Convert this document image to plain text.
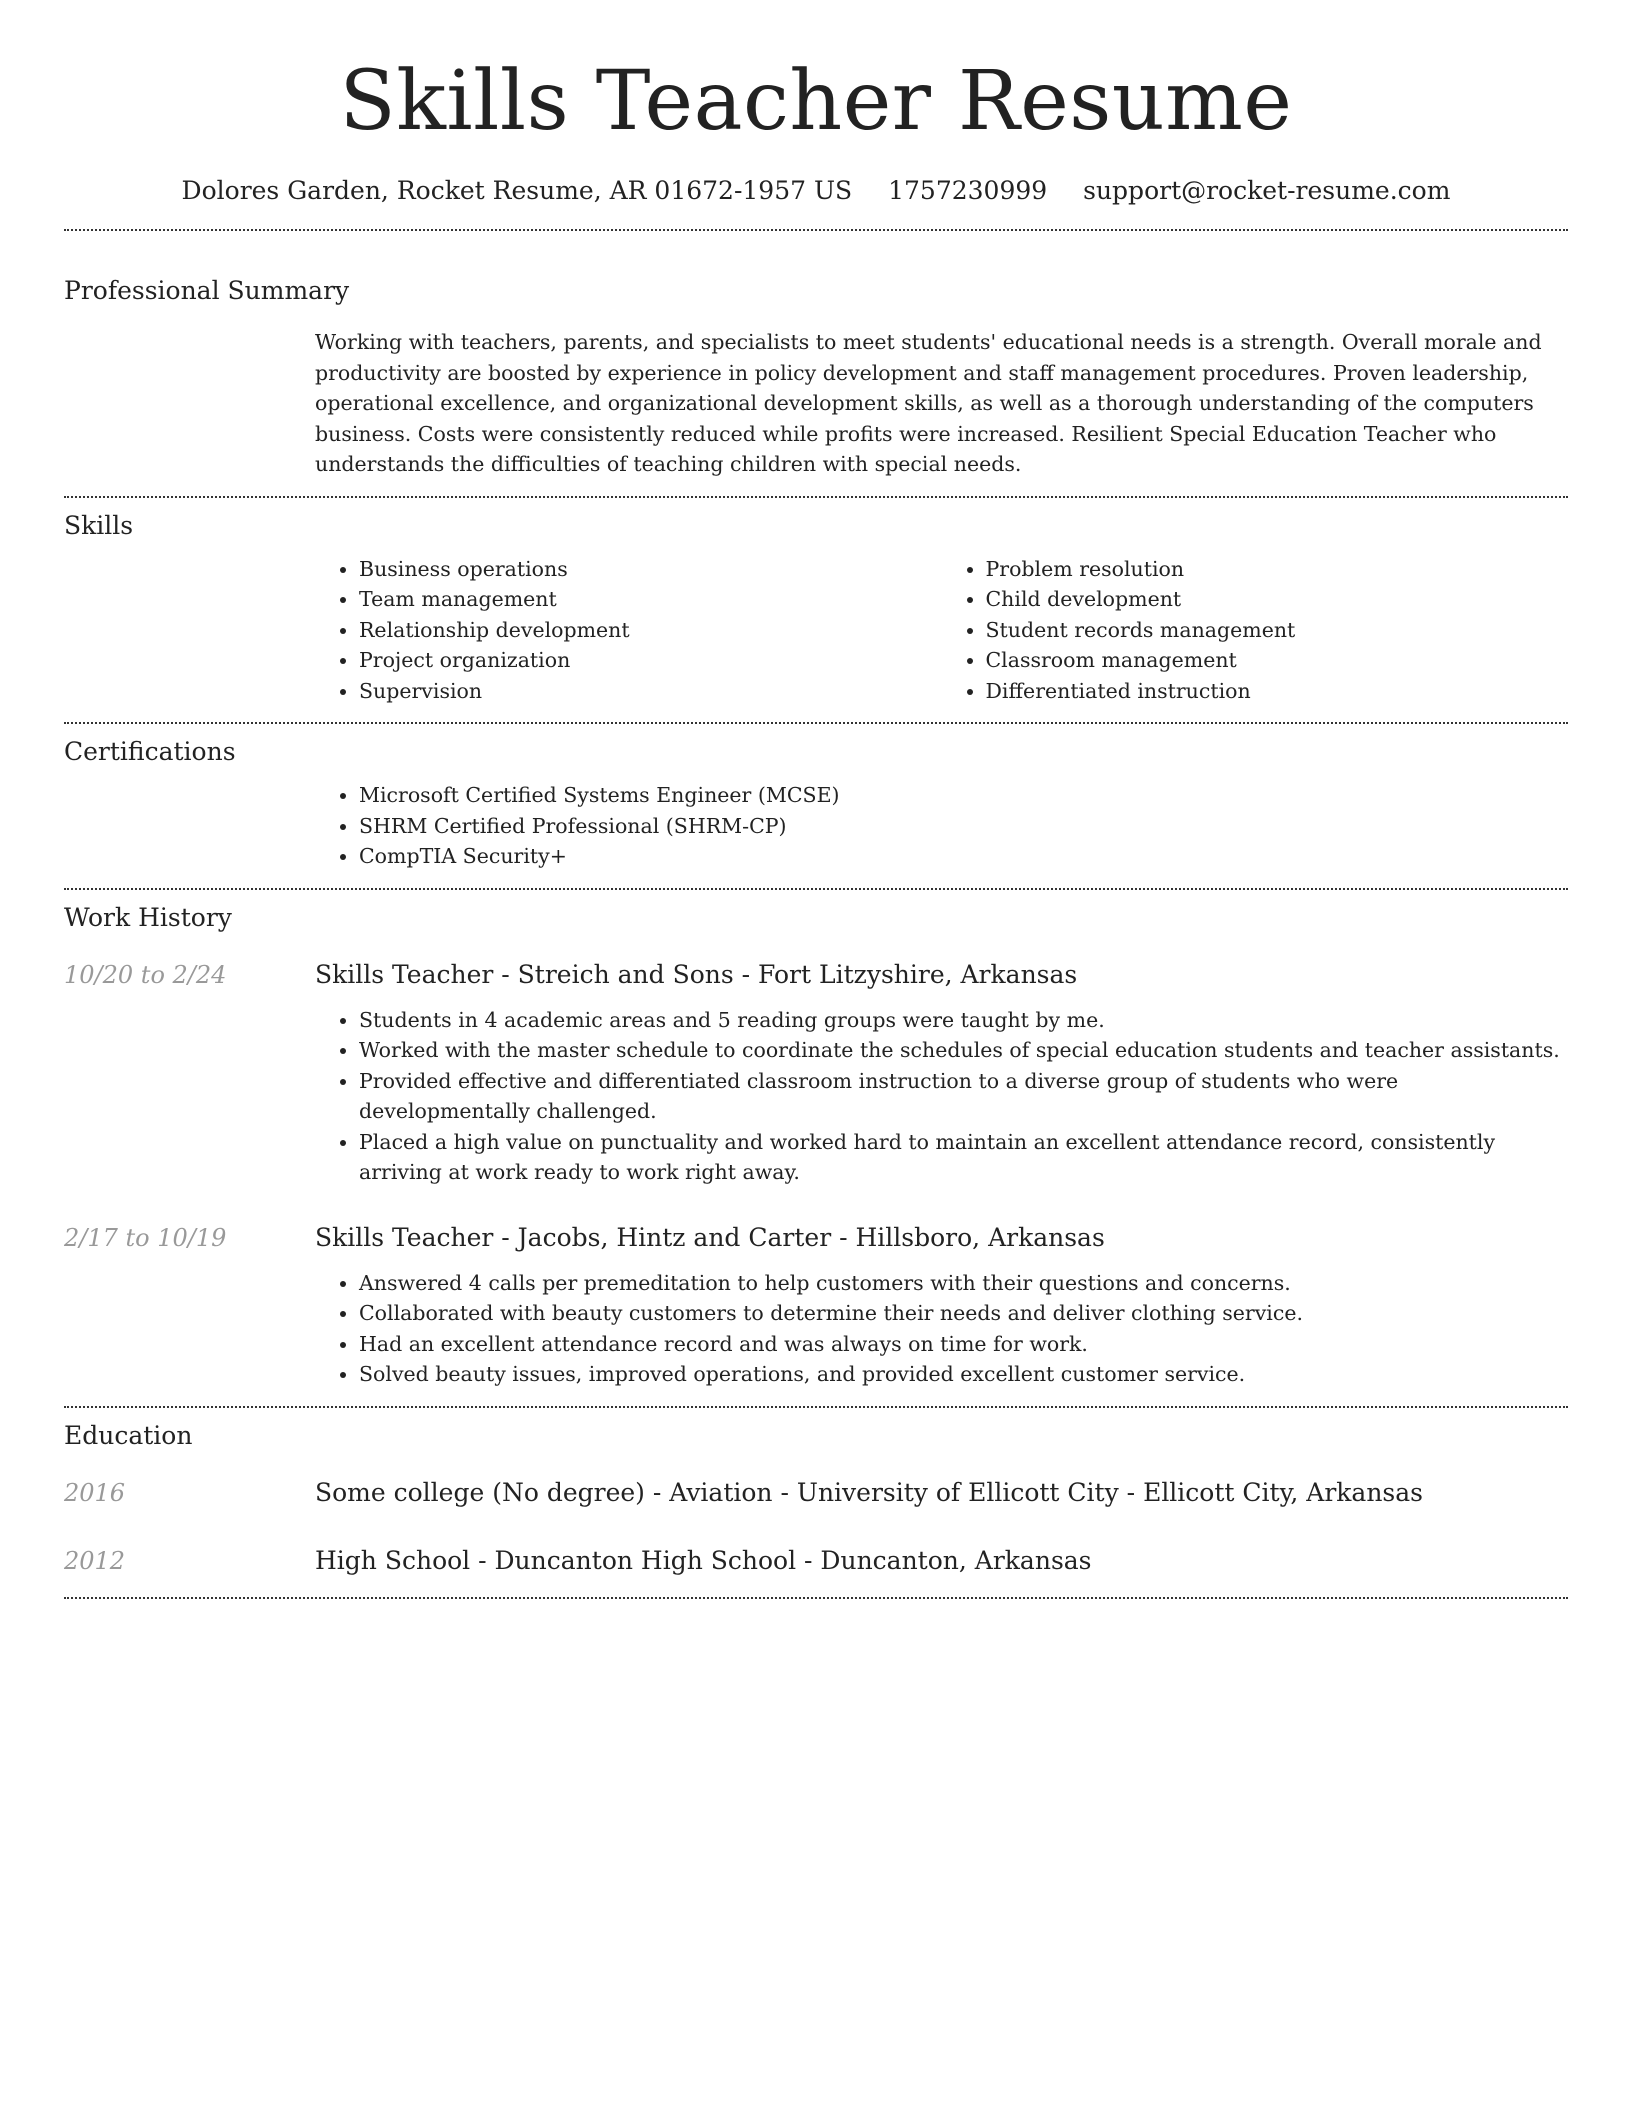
Skills Teacher Resume
Dolores Garden, Rocket Resume, AR 01672-1957 US 1757230999 support@rocket-resume.com
Professional Summary

Working with teachers, parents, and specialists to meet students' educational needs is a strength. Overall morale and productivity are boosted by experience in policy development and staff management procedures. Proven leadership, operational excellence, and organizational development skills, as well as a thorough understanding of the computers business. Costs were consistently reduced while profits were increased. Resilient Special Education Teacher who understands the difficulties of teaching children with special needs.

Skills
• Business operations
• Team management
• Relationship development
• Project organization
• Supervision
• Problem resolution
• Child development
• Student records management
• Classroom management
• Differentiated instruction
Certifications
• Microsoft Certified Systems Engineer (MCSE)
• SHRM Certified Professional (SHRM-CP)
• CompTIA Security+
Work History
10/20 to 2/24	Skills Teacher - Streich and Sons - Fort Litzyshire, Arkansas
• Students in 4 academic areas and 5 reading groups were taught by me.
• Worked with the master schedule to coordinate the schedules of special education students and teacher assistants.
• Provided effective and differentiated classroom instruction to a diverse group of students who were developmentally challenged.
• Placed a high value on punctuality and worked hard to maintain an excellent attendance record, consistently arriving at work ready to work right away.
2/17 to 10/19	Skills Teacher - Jacobs, Hintz and Carter - Hillsboro, Arkansas
• Answered 4 calls per premeditation to help customers with their questions and concerns.
• Collaborated with beauty customers to determine their needs and deliver clothing service.
• Had an excellent attendance record and was always on time for work.
• Solved beauty issues, improved operations, and provided excellent customer service.
Education
2016	Some college (No degree) - Aviation - University of Ellicott City - Ellicott City, Arkansas
2012	High School - Duncanton High School - Duncanton, Arkansas
